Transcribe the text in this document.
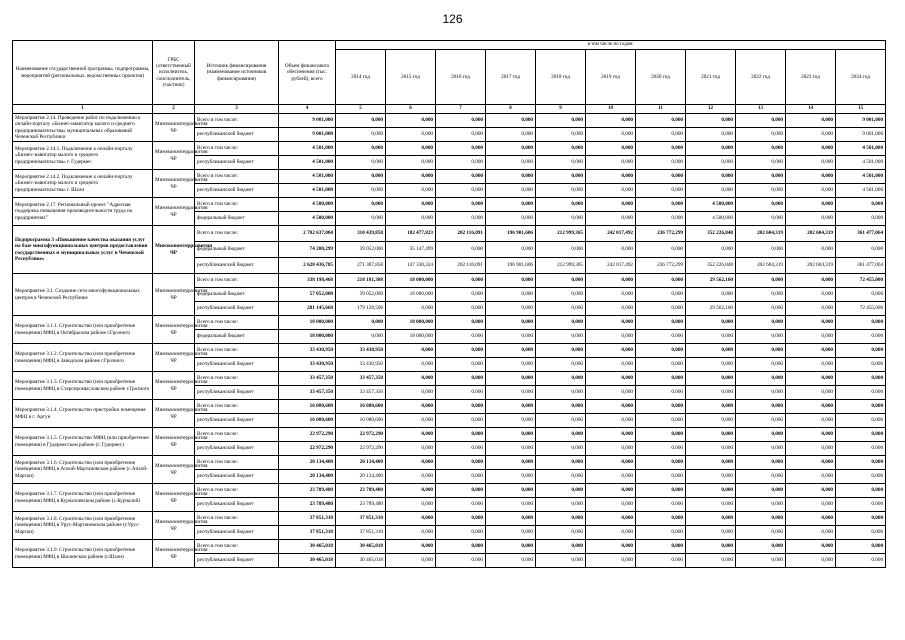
126
Наименование государственной программы, подпрограммы, мероприятий (региональных, ведомственных проектов)	ГРБС (ответственный исполнитель, соисполнитель, участник)	Источник финансирования (наименование источников финансирования)	Объем финансового обеспечения (тыс. рублей), всего	в том числе по годам:										
				2014 год	2015 год	2016 год	2017 год	2018 год	2019 год	2020 год	2021 год	2022 год	2023 год	2024 год
1	2	3	4	5	6	7	8	9	10	11	12	13	14	15
Мероприятие 2.14. Проведение работ по подключению к онлайн-порталу «Бизнес-навигатор малого и среднего предпринимательства» муниципальных образований Чеченской Республики	Минэкономтерразвития ЧР	Всего в том числе:	9 001,000	0,000	0,000	0,000	0,000	0,000	0,000	0,000	0,000	0,000	0,000	9 001,000
		республиканский бюджет	9 001,000	0,000	0,000	0,000	0,000	0,000	0,000	0,000	0,000	0,000	0,000	9 001,000
Мероприятие 2.14.1. Подключение к онлайн-порталу «Бизнес-навигатор малого и среднего предпринимательства» г. Гудермес	Минэкономтерразвития ЧР	Всего в том числе:	4 501,000	0,000	0,000	0,000	0,000	0,000	0,000	0,000	0,000	0,000	0,000	4 501,000
		республиканский бюджет	4 501,000	0,000	0,000	0,000	0,000	0,000	0,000	0,000	0,000	0,000	0,000	4 501,000
Мероприятие 2.14.2. Подключение к онлайн-порталу «Бизнес-навигатор малого и среднего предпринимательства» г. Шали	Минэкономтерразвития ЧР	Всего в том числе:	4 501,000	0,000	0,000	0,000	0,000	0,000	0,000	0,000	0,000	0,000	0,000	4 501,000
		республиканский бюджет	4 501,000	0,000	0,000	0,000	0,000	0,000	0,000	0,000	0,000	0,000	0,000	4 501,000
Мероприятие 2.17. Региональный проект "Адресная поддержка повышения производительности труда на предприятиях"	Минэкономтерразвития ЧР	Всего в том числе:	4 500,000	0,000	0,000	0,000	0,000	0,000	0,000	0,000	4 500,000	0,000	0,000	0,000
		федеральный бюджет	4 500,000	0,000	0,000	0,000	0,000	0,000	0,000	0,000	4 500,000	0,000	0,000	0,000
Подпрограмма 3 «Повышение качества оказания услуг на базе многофункциональных центров предоставления государственных и муниципальных услуг в Чеченской Республике»	Минэкономтерразвития ЧР	Всего в том числе:	2 702 637,084	310 439,858	182 477,823	202 116,091	196 901,606	212 999,365	242 017,492	236 772,299	352 226,848	202 604,319	202 604,319	361 477,064
		федеральный бюджет	74 200,299	39 052,000	35 147,499	0,000	0,000	0,000	0,000	0,000	0,000	0,000	0,000	0,000
		республиканский бюджет	2 628 436,785	271 387,858	147 330,324	202 116,091	196 901,606	212 999,365	242 017,492	236 772,299	352 226,848	202 604,319	202 604,319	361 477,064
Мероприятие 3.1. Создание сети многофункциональных центров в Чеченской Республике	Минэкономтерразвития ЧР	Всего в том числе:	338 198,468	218 181,308	18 000,000	0,000	0,000	0,000	0,000	0,000	29 562,160	0,000	0,000	72 455,000
		федеральный бюджет	57 052,800	39 052,000	18 000,000	0,000	0,000	0,000	0,000	0,000	0,000	0,000	0,000	0,000
		республиканский бюджет	281 145,668	179 128,508	0,000	0,000	0,000	0,000	0,000	0,000	29 562,160	0,000	0,000	72 455,000
Мероприятие 3.1.1. Строительство (или приобретение помещения) МФЦ в Октябрьском районе г.Грозного	Минэкономтерразвития ЧР	Всего в том числе:	18 000,000	0,000	18 000,000	0,000	0,000	0,000	0,000	0,000	0,000	0,000	0,000	0,000
		федеральный бюджет	18 000,000	0,000	18 000,000	0,000	0,000	0,000	0,000	0,000	0,000	0,000	0,000	0,000
Мероприятие 3.1.2. Строительство (или приобретение помещения) МФЦ в Заводском районе г.Грозного	Минэкономтерразвития ЧР	Всего в том числе:	33 430,950	33 430,950	0,000	0,000	0,000	0,000	0,000	0,000	0,000	0,000	0,000	0,000
		республиканский бюджет	33 430,950	33 430,950	0,000	0,000	0,000	0,000	0,000	0,000	0,000	0,000	0,000	0,000
Мероприятие 3.1.3. Строительство (или приобретение помещения) МФЦ в Старопромысловском районе г.Грозного	Минэкономтерразвития ЧР	Всего в том числе:	33 457,350	33 457,350	0,000	0,000	0,000	0,000	0,000	0,000	0,000	0,000	0,000	0,000
		республиканский бюджет	33 457,350	33 457,350	0,000	0,000	0,000	0,000	0,000	0,000	0,000	0,000	0,000	0,000
Мероприятие 3.1.4. Строительство пристройки помещения МФЦ в г. Аргун	Минэкономтерразвития ЧР	Всего в том числе:	16 080,600	16 080,600	0,000	0,000	0,000	0,000	0,000	0,000	0,000	0,000	0,000	0,000
		республиканский бюджет	16 080,600	16 080,600	0,000	0,000	0,000	0,000	0,000	0,000	0,000	0,000	0,000	0,000
Мероприятие 3.1.5. Строительство МФЦ (или приобретение помещения) в Гудермесском районе (г. Гудермес)	Минэкономтерразвития ЧР	Всего в том числе:	22 972,290	22 972,290	0,000	0,000	0,000	0,000	0,000	0,000	0,000	0,000	0,000	0,000
		республиканский бюджет	22 972,290	22 972,290	0,000	0,000	0,000	0,000	0,000	0,000	0,000	0,000	0,000	0,000
Мероприятие 3.1.6. Строительство (или приобретение помещения) МФЦ в Ачхой-Мартановском районе (с.Ачхой-Мартан)	Минэкономтерразвития ЧР	Всего в том числе:	20 134,400	20 134,400	0,000	0,000	0,000	0,000	0,000	0,000	0,000	0,000	0,000	0,000
		республиканский бюджет	20 134,400	20 134,400	0,000	0,000	0,000	0,000	0,000	0,000	0,000	0,000	0,000	0,000
Мероприятие 3.1.7. Строительство (или приобретение помещения) МФЦ в Курчалоевском районе (с.Курчалой)	Минэкономтерразвития ЧР	Всего в том числе:	23 789,480	23 789,480	0,000	0,000	0,000	0,000	0,000	0,000	0,000	0,000	0,000	0,000
		республиканский бюджет	23 789,480	23 789,480	0,000	0,000	0,000	0,000	0,000	0,000	0,000	0,000	0,000	0,000
Мероприятие 3.1.8. Строительство (или приобретение помещения) МФЦ в Урус-Мартановском районе (г.Урус-Мартан)	Минэкономтерразвития ЧР	Всего в том числе:	37 851,310	37 851,310	0,000	0,000	0,000	0,000	0,000	0,000	0,000	0,000	0,000	0,000
		республиканский бюджет	37 851,310	37 851,310	0,000	0,000	0,000	0,000	0,000	0,000	0,000	0,000	0,000	0,000
Мероприятие 3.1.9. Строительство (или приобретение помещения) МФЦ в Шалинском районе (г.Шали)	Минэкономтерразвития ЧР	Всего в том числе:	30 465,018	30 465,018	0,000	0,000	0,000	0,000	0,000	0,000	0,000	0,000	0,000	0,000
		республиканский бюджет	30 465,018	30 465,018	0,000	0,000	0,000	0,000	0,000	0,000	0,000	0,000	0,000	0,000
